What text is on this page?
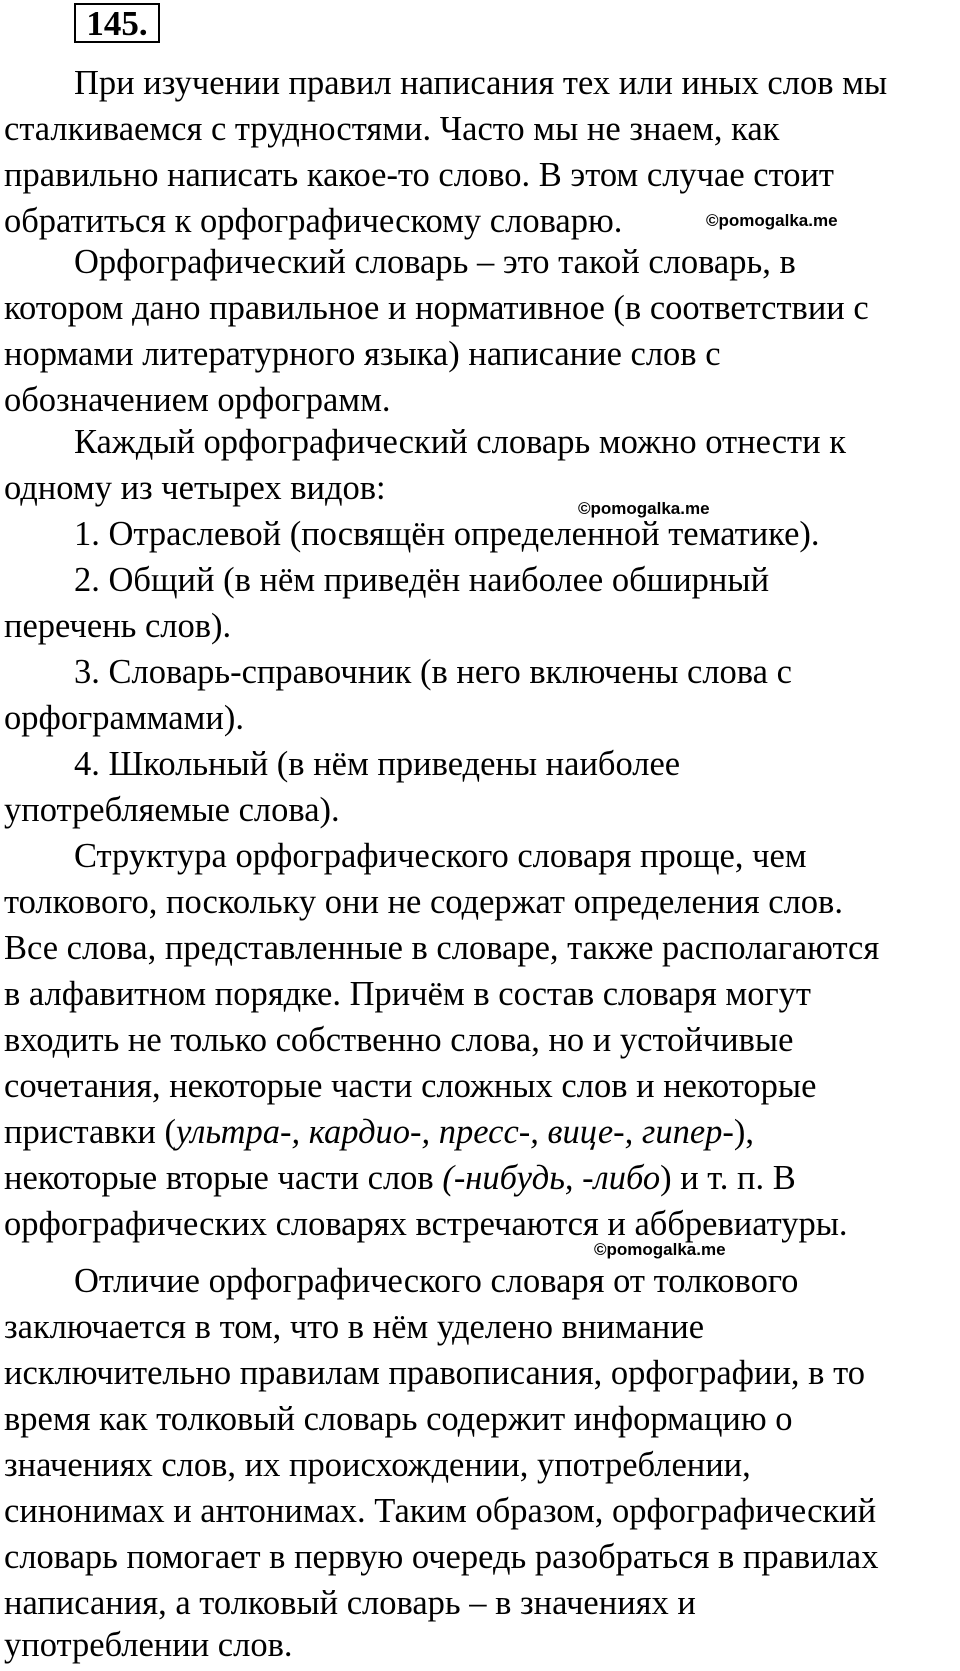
145.
При изучении правил написания тех или иных слов мы
сталкиваемся с трудностями. Часто мы не знаем, как
правильно написать какое-то слово. В этом случае стоит
обратиться к орфографическому словарю.	©pomogalka.me
Орфографический словарь – это такой словарь, в
котором дано правильное и нормативное (в соответствии с
нормами литературного языка) написание слов с
обозначением орфограмм.
Каждый орфографический словарь можно отнести к
одному из четырех видов:
©pomogalka.me
1. Отраслевой (посвящён определенной тематике).
2. Общий (в нём приведён наиболее обширный
перечень слов).
3. Словарь-справочник (в него включены слова с
орфограммами).
4. Школьный (в нём приведены наиболее
употребляемые слова).
Структура орфографического словаря проще, чем
толкового, поскольку они не содержат определения слов.
Все слова, представленные в словаре, также располагаются
в алфавитном порядке. Причём в состав словаря могут
входить не только собственно слова, но и устойчивые
сочетания, некоторые части сложных слов и некоторые
приставки (ультра-, кардио-, пресс-, вице-, гипер-),
некоторые вторые части слов (-нибудь, -либо) и т. п. В
орфографических словарях встречаются и аббревиатуры.
©pomogalka.me
Отличие орфографического словаря от толкового
заключается в том, что в нём уделено внимание
исключительно правилам правописания, орфографии, в то
время как толковый словарь содержит информацию о
значениях слов, их происхождении, употреблении,
синонимах и антонимах. Таким образом, орфографический
словарь помогает в первую очередь разобраться в правилах
написания, а толковый словарь – в значениях и
употреблении слов.
